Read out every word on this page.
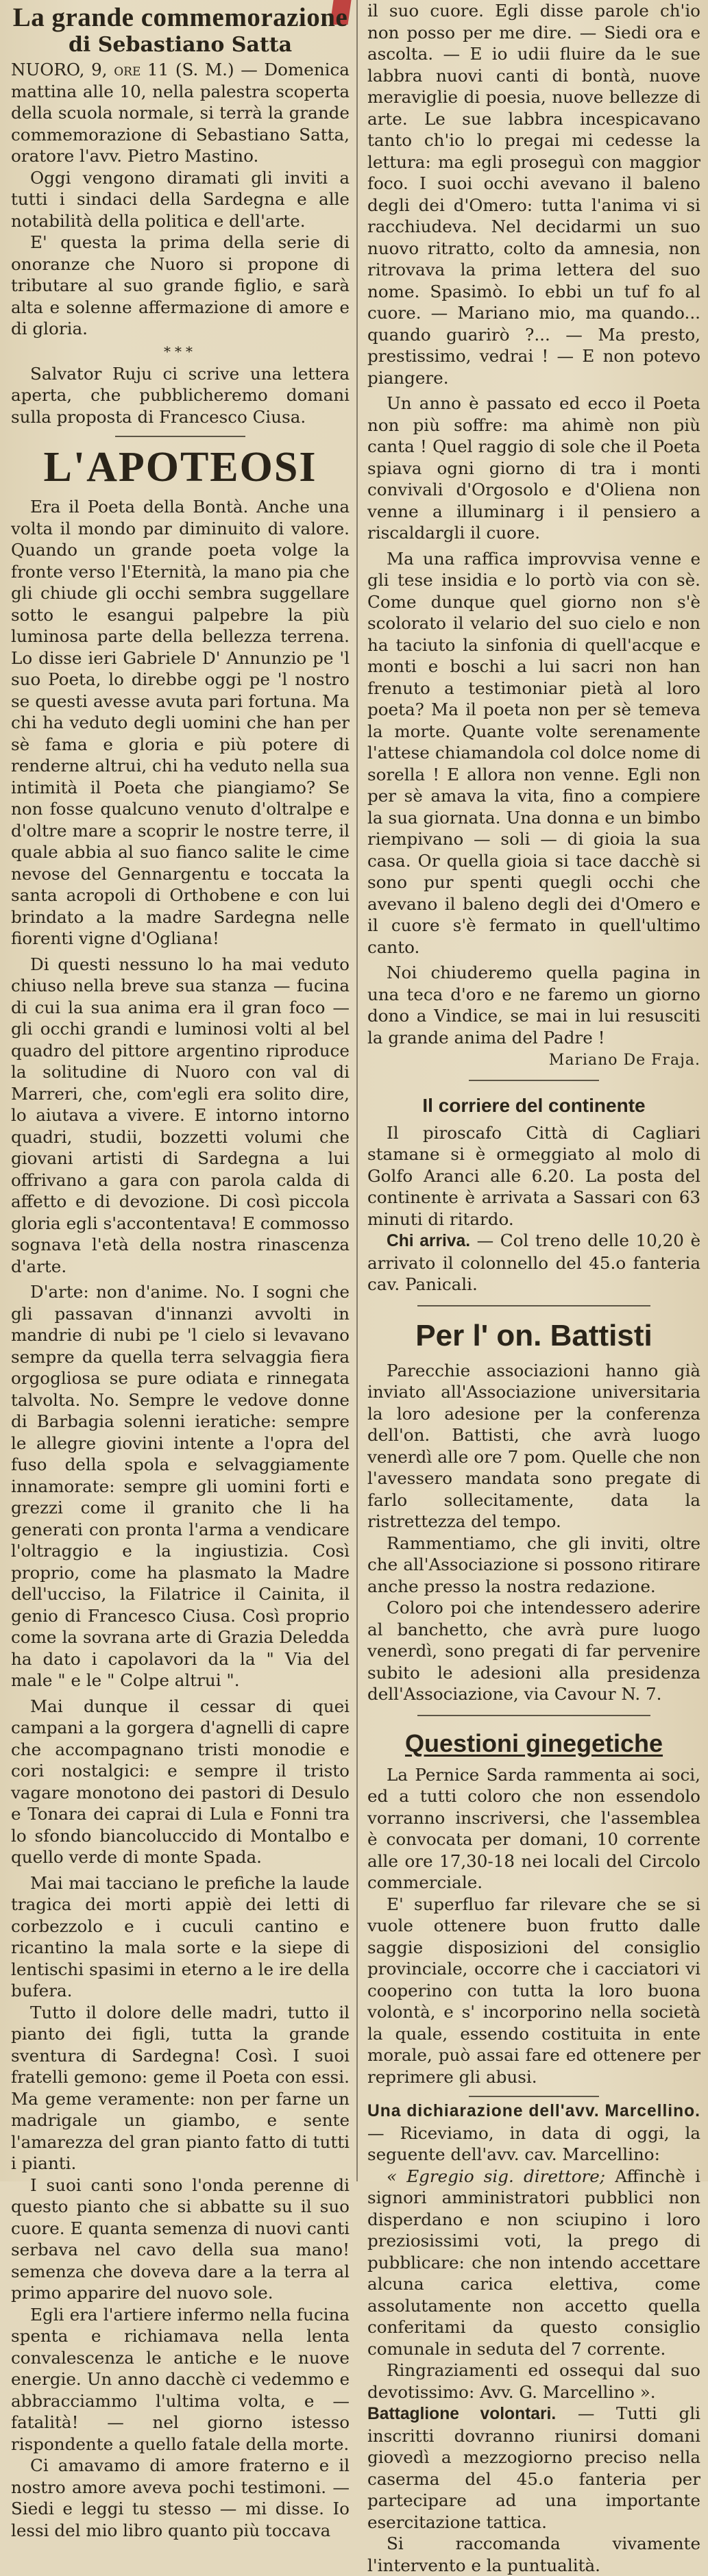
La grande commemorazione
di Sebastiano Satta

NUORO, 9, ore 11 (S. M.) — Domenica mattina alle 10, nella palestra scoperta della scuola normale, si terrà la grande commemorazione di Sebastiano Satta, oratore l'avv. Pietro Mastino.

Oggi vengono diramati gli inviti a tutti i sindaci della Sardegna e alle notabilità della politica e dell'arte.

E' questa la prima della serie di onoranze che Nuoro si propone di tributare al suo grande figlio, e sarà alta e solenne affermazione di amore e di gloria.

***

Salvator Ruju ci scrive una lettera aperta, che pubblicheremo domani sulla proposta di Francesco Ciusa.

L'APOTEOSI

Era il Poeta della Bontà. Anche una volta il mondo par diminuito di valore. Quando un grande poeta volge la fronte verso l'Eternità, la mano pia che gli chiude gli occhi sembra suggellare sotto le esangui palpebre la più luminosa parte della bellezza terrena. Lo disse ieri Gabriele D' Annunzio pe 'l suo Poeta, lo direbbe oggi pe 'l nostro se questi avesse avuta pari fortuna. Ma chi ha veduto degli uomini che han per sè fama e gloria e più potere di renderne altrui, chi ha veduto nella sua intimità il Poeta che piangiamo? Se non fosse qualcuno venuto d'oltralpe e d'oltre mare a scoprir le nostre terre, il quale abbia al suo fianco salite le cime nevose del Gennargentu e toccata la santa acropoli di Orthobene e con lui brindato a la madre Sardegna nelle fiorenti vigne d'Ogliana!

Di questi nessuno lo ha mai veduto chiuso nella breve sua stanza — fucina di cui la sua anima era il gran foco — gli occhi grandi e luminosi volti al bel quadro del pittore argentino riproduce la solitudine di Nuoro con val di Marreri, che, com'egli era solito dire, lo aiutava a vivere. E intorno intorno quadri, studii, bozzetti volumi che giovani artisti di Sardegna a lui offrivano a gara con parola calda di affetto e di devozione. Di così piccola gloria egli s'accontentava! E commosso sognava l'età della nostra rinascenza d'arte.

D'arte: non d'anime. No. I sogni che gli passavan d'innanzi avvolti in mandrie di nubi pe 'l cielo si levavano sempre da quella terra selvaggia fiera orgogliosa se pure odiata e rinnegata talvolta. No. Sempre le vedove donne di Barbagia solenni ieratiche: sempre le allegre giovini intente a l'opra del fuso della spola e selvaggiamente innamorate: sempre gli uomini forti e grezzi come il granito che li ha generati con pronta l'arma a vendicare l'oltraggio e la ingiustizia. Così proprio, come ha plasmato la Madre dell'ucciso, la Filatrice il Cainita, il genio di Francesco Ciusa. Così proprio come la sovrana arte di Grazia Deledda ha dato i capolavori da la " Via del male " e le " Colpe altrui ".

Mai dunque il cessar di quei campani a la gorgera d'agnelli di capre che accompagnano tristi monodie e cori nostalgici: e sempre il tristo vagare monotono dei pastori di Desulo e Tonara dei caprai di Lula e Fonni tra lo sfondo biancoluccido di Montalbo e quello verde di monte Spada.

Mai mai tacciano le prefiche la laude tragica dei morti appiè dei letti di corbezzolo e i cuculi cantino e ricantino la mala sorte e la siepe di lentischi spasimi in eterno a le ire della bufera.

Tutto il dolore delle madri, tutto il pianto dei figli, tutta la grande sventura di Sardegna! Così. I suoi fratelli gemono: geme il Poeta con essi. Ma geme veramente: non per farne un madrigale un giambo, e sente l'amarezza del gran pianto fatto di tutti i pianti.

I suoi canti sono l'onda perenne di questo pianto che si abbatte su il suo cuore. E quanta semenza di nuovi canti serbava nel cavo della sua mano! semenza che doveva dare a la terra al primo apparire del nuovo sole.

Egli era l'artiere infermo nella fucina spenta e richiamava nella lenta convalescenza le antiche e le nuove energie. Un anno dacchè ci vedemmo e abbracciammo l'ultima volta, e — fatalità! — nel giorno istesso rispondente a quello fatale della morte.

Ci amavamo di amore fraterno e il nostro amore aveva pochi testimoni. — Siedi e leggi tu stesso — mi disse. Io lessi del mio libro quanto più toccava

il suo cuore. Egli disse parole ch'io non posso per me dire. — Siedi ora e ascolta. — E io udii fluire da le sue labbra nuovi canti di bontà, nuove meraviglie di poesia, nuove bellezze di arte. Le sue labbra incespicavano tanto ch'io lo pregai mi cedesse la lettura: ma egli proseguì con maggior foco. I suoi occhi avevano il baleno degli dei d'Omero: tutta l'anima vi si racchiudeva. Nel decidarmi un suo nuovo ritratto, colto da amnesia, non ritrovava la prima lettera del suo nome. Spasimò. Io ebbi un tuf fo al cuore. — Mariano mio, ma quando... quando guarirò ?... — Ma presto, prestissimo, vedrai ! — E non potevo piangere.

Un anno è passato ed ecco il Poeta non più soffre: ma ahimè non più canta ! Quel raggio di sole che il Poeta spiava ogni giorno di tra i monti convivali d'Orgosolo e d'Oliena non venne a illuminarg i il pensiero a riscaldargli il cuore.

Ma una raffica improvvisa venne e gli tese insidia e lo portò via con sè. Come dunque quel giorno non s'è scolorato il velario del suo cielo e non ha taciuto la sinfonia di quell'acque e monti e boschi a lui sacri non han frenuto a testimoniar pietà al loro poeta? Ma il poeta non per sè temeva la morte. Quante volte serenamente l'attese chiamandola col dolce nome di sorella ! E allora non venne. Egli non per sè amava la vita, fino a compiere la sua giornata. Una donna e un bimbo riempivano — soli — di gioia la sua casa. Or quella gioia si tace dacchè si sono pur spenti quegli occhi che avevano il baleno degli dei d'Omero e il cuore s'è fermato in quell'ultimo canto.

Noi chiuderemo quella pagina in una teca d'oro e ne faremo un giorno dono a Vindice, se mai in lui resusciti la grande anima del Padre !

Mariano De Fraja.

Il corriere del continente

Il piroscafo Città di Cagliari stamane si è ormeggiato al molo di Golfo Aranci alle 6.20. La posta del continente è arrivata a Sassari con 63 minuti di ritardo.

Chi arriva. — Col treno delle 10,20 è arrivato il colonnello del 45.o fanteria cav. Panicali.

Per l' on. Battisti

Parecchie associazioni hanno già inviato all'Associazione universitaria la loro adesione per la conferenza dell'on. Battisti, che avrà luogo venerdì alle ore 7 pom. Quelle che non l'avessero mandata sono pregate di farlo sollecitamente, data la ristrettezza del tempo.

Rammentiamo, che gli inviti, oltre che all'Associazione si possono ritirare anche presso la nostra redazione.

Coloro poi che intendessero aderire al banchetto, che avrà pure luogo venerdì, sono pregati di far pervenire subito le adesioni alla presidenza dell'Associazione, via Cavour N. 7.

Questioni ginegetiche

La Pernice Sarda rammenta ai soci, ed a tutti coloro che non essendolo vorranno inscriversi, che l'assemblea è convocata per domani, 10 corrente alle ore 17,30-18 nei locali del Circolo commerciale.

E' superfluo far rilevare che se si vuole ottenere buon frutto dalle saggie disposizioni del consiglio provinciale, occorre che i cacciatori vi cooperino con tutta la loro buona volontà, e s' incorporino nella società la quale, essendo costituita in ente morale, può assai fare ed ottenere per reprimere gli abusi.

Una dichiarazione dell'avv. Marcellino. — Riceviamo, in data di oggi, la seguente dell'avv. cav. Marcellino:

« Egregio sig. direttore; Affinchè i signori amministratori pubblici non disperdano e non sciupino i loro preziosissimi voti, la prego di pubblicare: che non intendo accettare alcuna carica elettiva, come assolutamente non accetto quella conferitami da questo consiglio comunale in seduta del 7 corrente.

Ringraziamenti ed ossequi dal suo devotissimo: Avv. G. Marcellino ».

Battaglione volontari. — Tutti gli inscritti dovranno riunirsi domani giovedì a mezzogiorno preciso nella caserma del 45.o fanteria per partecipare ad una importante esercitazione tattica.

Si raccomanda vivamente l'intervento e la puntualità.
